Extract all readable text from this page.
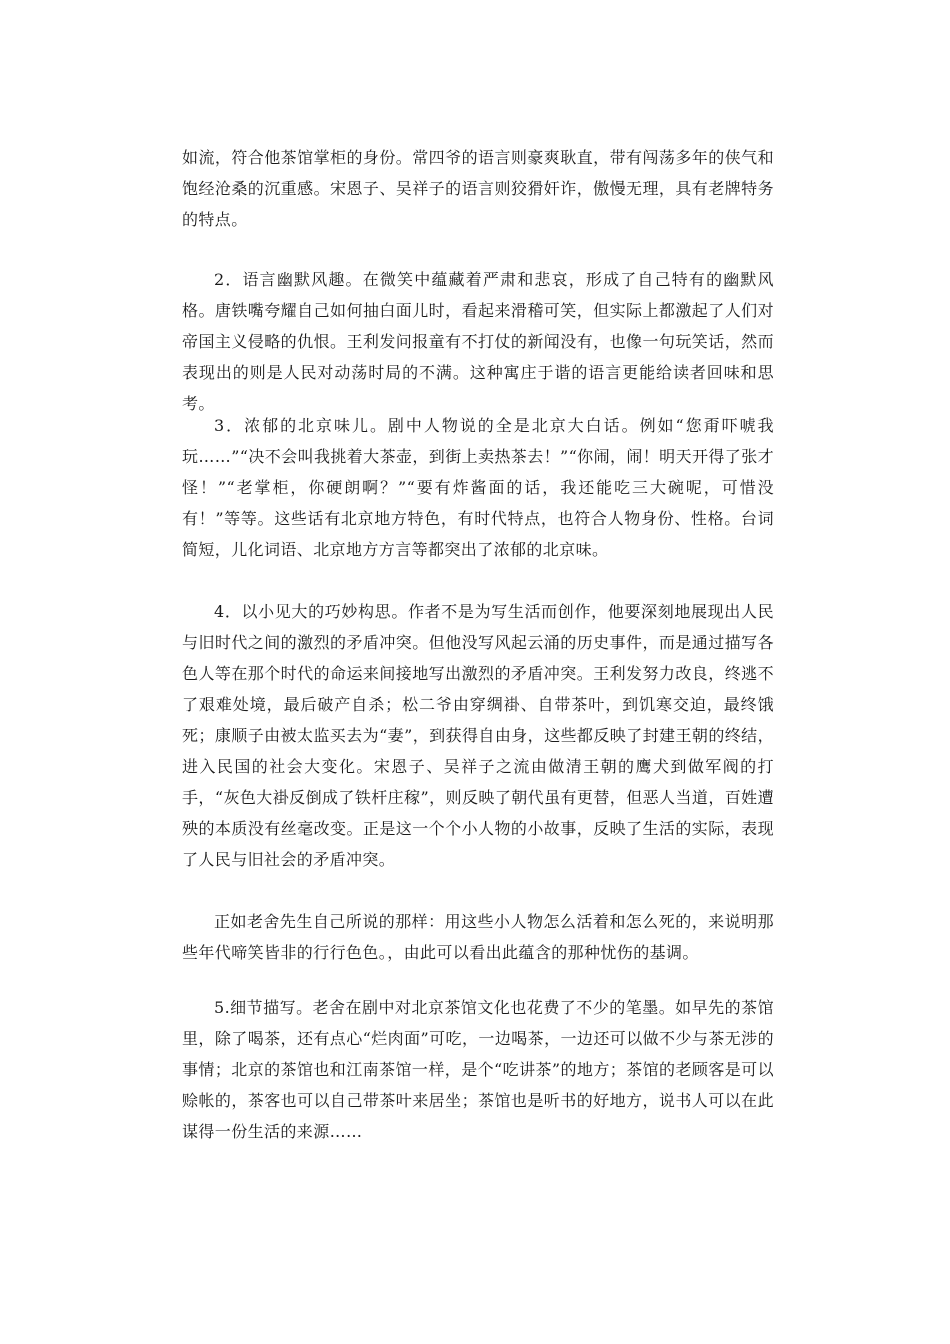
如流，符合他茶馆掌柜的身份。常四爷的语言则豪爽耿直，带有闯荡多年的侠气和饱经沧桑的沉重感。宋恩子、吴祥子的语言则狡猾奸诈，傲慢无理，具有老牌特务的特点。

2．语言幽默风趣。在微笑中蕴藏着严肃和悲哀，形成了自己特有的幽默风格。唐铁嘴夸耀自己如何抽白面儿时，看起来滑稽可笑，但实际上都激起了人们对帝国主义侵略的仇恨。王利发问报童有不打仗的新闻没有，也像一句玩笑话，然而表现出的则是人民对动荡时局的不满。这种寓庄于谐的语言更能给读者回味和思考。

3．浓郁的北京味儿。剧中人物说的全是北京大白话。例如“您甭吓唬我玩……”“决不会叫我挑着大茶壶，到街上卖热茶去！”“你闹，闹！明天开得了张才怪！”“老掌柜，你硬朗啊？”“要有炸酱面的话，我还能吃三大碗呢，可惜没有！”等等。这些话有北京地方特色，有时代特点，也符合人物身份、性格。台词简短，儿化词语、北京地方方言等都突出了浓郁的北京味。

4．以小见大的巧妙构思。作者不是为写生活而创作，他要深刻地展现出人民与旧时代之间的激烈的矛盾冲突。但他没写风起云涌的历史事件，而是通过描写各色人等在那个时代的命运来间接地写出激烈的矛盾冲突。王利发努力改良，终逃不了艰难处境，最后破产自杀；松二爷由穿绸褂、自带茶叶，到饥寒交迫，最终饿死；康顺子由被太监买去为“妻”，到获得自由身，这些都反映了封建王朝的终结，进入民国的社会大变化。宋恩子、吴祥子之流由做清王朝的鹰犬到做军阀的打手，“灰色大褂反倒成了铁杆庄稼”，则反映了朝代虽有更替，但恶人当道，百姓遭殃的本质没有丝毫改变。正是这一个个小人物的小故事，反映了生活的实际，表现了人民与旧社会的矛盾冲突。

正如老舍先生自己所说的那样：用这些小人物怎么活着和怎么死的，来说明那些年代啼笑皆非的行行色色。，由此可以看出此蕴含的那种忧伤的基调。

5.细节描写。老舍在剧中对北京茶馆文化也花费了不少的笔墨。如早先的茶馆里，除了喝茶，还有点心“烂肉面”可吃，一边喝茶，一边还可以做不少与茶无涉的事情；北京的茶馆也和江南茶馆一样，是个“吃讲茶”的地方；茶馆的老顾客是可以赊帐的，茶客也可以自己带茶叶来居坐；茶馆也是听书的好地方，说书人可以在此谋得一份生活的来源……
